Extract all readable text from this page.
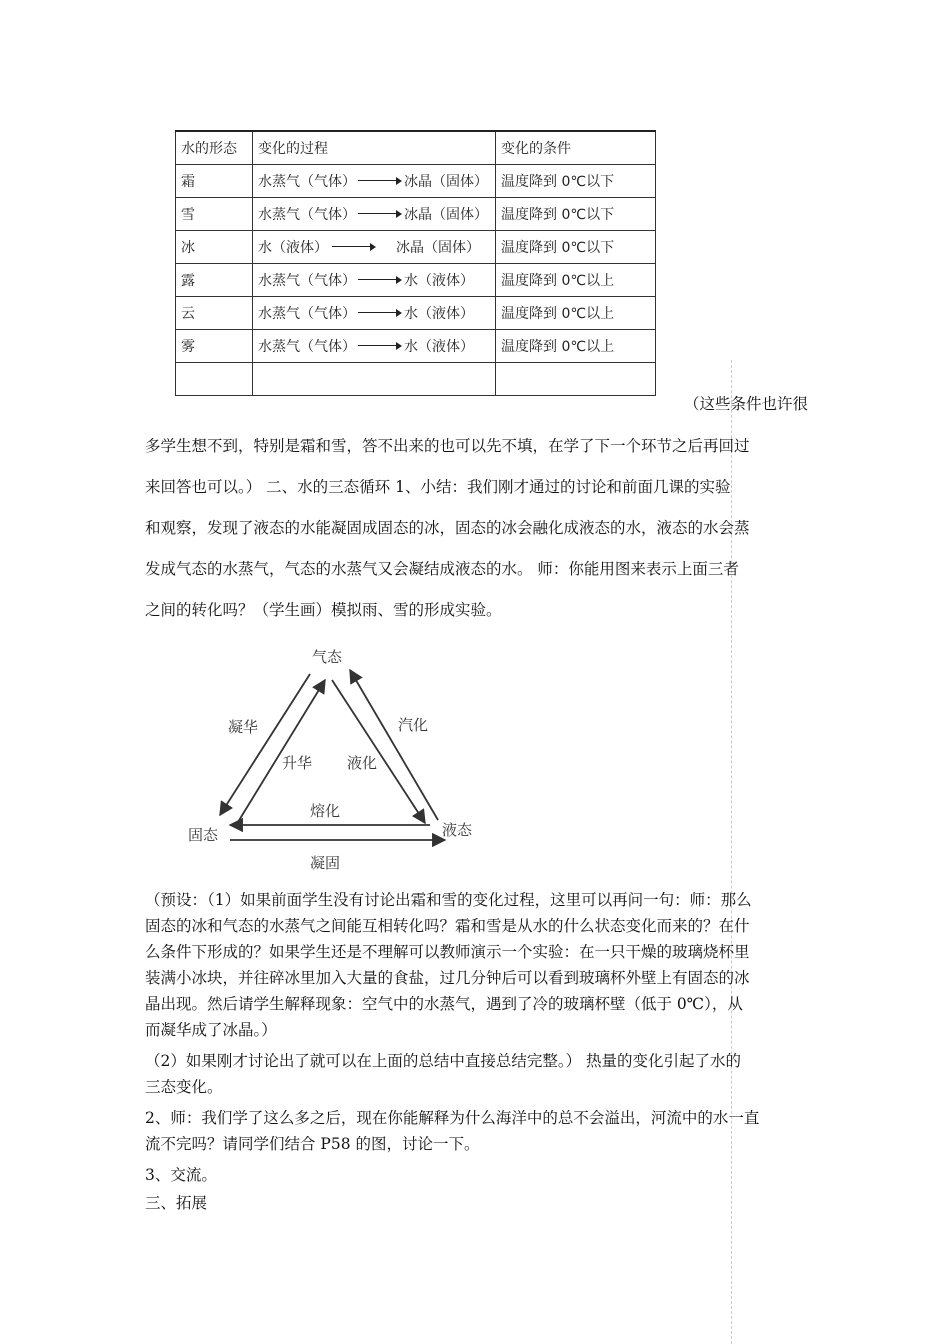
水的形态	变化的过程	变化的条件
霜	水蒸气（气体） 冰晶（固体）	温度降到 0℃以下
雪	水蒸气（气体） 冰晶（固体）	温度降到 0℃以下
冰	水（液体） 冰晶（固体）	温度降到 0℃以下
露	水蒸气（气体） 水（液体）	温度降到 0℃以上
云	水蒸气（气体） 水（液体）	温度降到 0℃以上
雾	水蒸气（气体） 水（液体）	温度降到 0℃以上

（这些条件也许很
多学生想不到，特别是霜和雪，答不出来的也可以先不填，在学了下一个环节之后再回过
来回答也可以。） 二、水的三态循环 1、小结：我们刚才通过的讨论和前面几课的实验
和观察，发现了液态的水能凝固成固态的冰，固态的冰会融化成液态的水，液态的水会蒸
发成气态的水蒸气，气态的水蒸气又会凝结成液态的水。 师：你能用图来表示上面三者
之间的转化吗？（学生画）模拟雨、雪的形成实验。
气态
固态	液态
凝华
升华
汽化
液化
熔化
凝固
（预设：（1）如果前面学生没有讨论出霜和雪的变化过程，这里可以再问一句：师：那么
固态的冰和气态的水蒸气之间能互相转化吗？霜和雪是从水的什么状态变化而来的？在什
么条件下形成的？如果学生还是不理解可以教师演示一个实验：在一只干燥的玻璃烧杯里
装满小冰块，并往碎冰里加入大量的食盐，过几分钟后可以看到玻璃杯外壁上有固态的冰
晶出现。然后请学生解释现象：空气中的水蒸气，遇到了冷的玻璃杯壁（低于 0℃），从
而凝华成了冰晶。）
（2）如果刚才讨论出了就可以在上面的总结中直接总结完整。） 热量的变化引起了水的
三态变化。
2、师：我们学了这么多之后，现在你能解释为什么海洋中的总不会溢出，河流中的水一直
流不完吗？请同学们结合 P58 的图，讨论一下。
3、交流。
三、拓展
